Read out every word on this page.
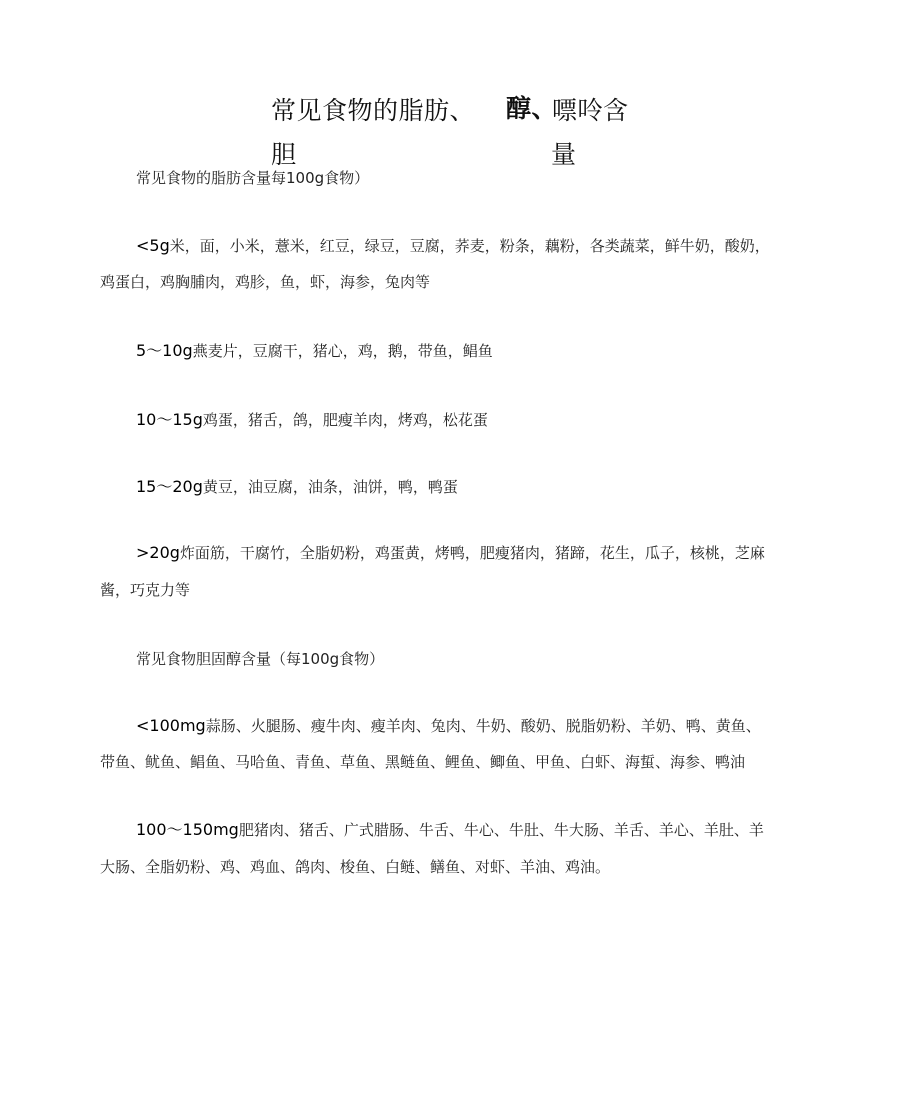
常见食物的脂肪、 醇、
嘌呤含
胆	量
常见食物的脂肪含量每100g食物）
<5g米，面，小米，薏米，红豆，绿豆，豆腐，荞麦，粉条，藕粉，各类蔬菜，鲜牛奶，酸奶，
鸡蛋白，鸡胸脯肉，鸡胗，鱼，虾，海参，兔肉等
5～10g燕麦片，豆腐干，猪心，鸡，鹅，带鱼，鲳鱼
10～15g鸡蛋，猪舌，鸽，肥瘦羊肉，烤鸡，松花蛋
15～20g黄豆，油豆腐，油条，油饼，鸭，鸭蛋
>20g炸面筋，干腐竹，全脂奶粉，鸡蛋黄，烤鸭，肥瘦猪肉，猪蹄，花生，瓜子，核桃，芝麻
酱，巧克力等
常见食物胆固醇含量（每100g食物）
<100mg蒜肠、火腿肠、瘦牛肉、瘦羊肉、兔肉、牛奶、酸奶、脱脂奶粉、羊奶、鸭、黄鱼、
带鱼、鱿鱼、鲳鱼、马哈鱼、青鱼、草鱼、黑鲢鱼、鲤鱼、鲫鱼、甲鱼、白虾、海蜇、海参、鸭油
100～150mg肥猪肉、猪舌、广式腊肠、牛舌、牛心、牛肚、牛大肠、羊舌、羊心、羊肚、羊
大肠、全脂奶粉、鸡、鸡血、鸽肉、梭鱼、白鲢、鳝鱼、对虾、羊油、鸡油。
